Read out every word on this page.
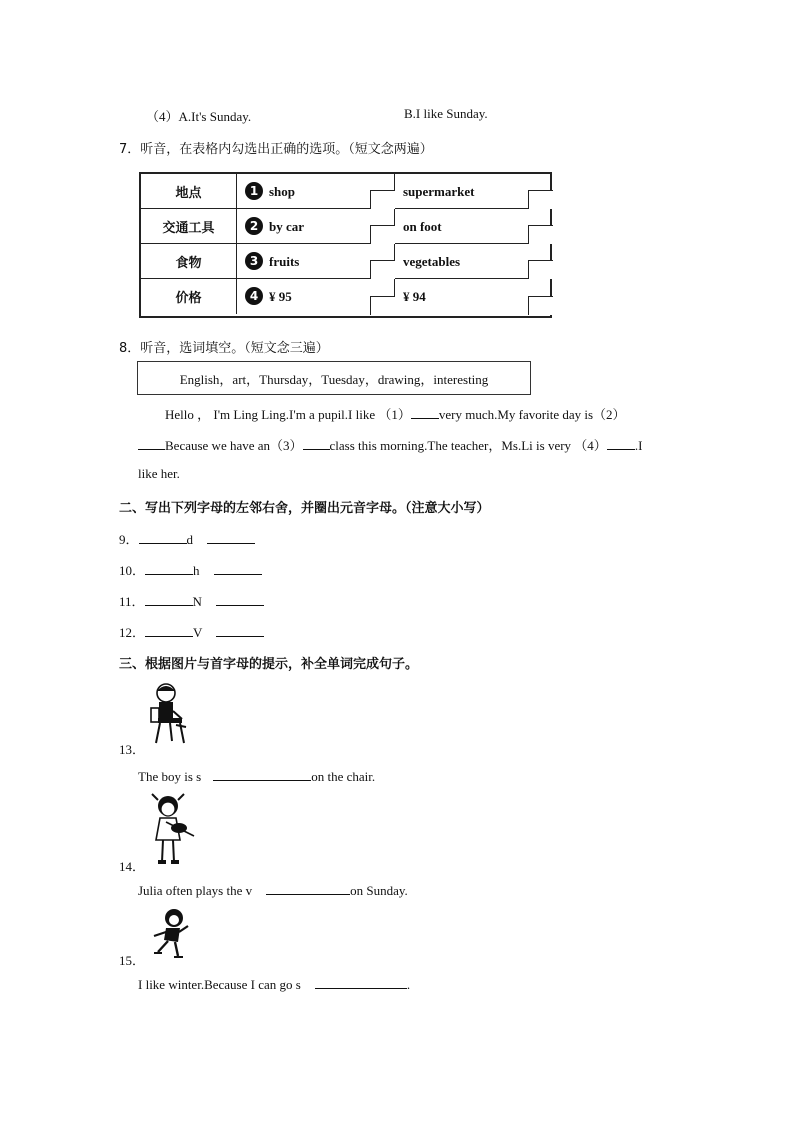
（4）A.It's Sunday.	B.I like Sunday.
7．听音，在表格内勾选出正确的选项。（短文念两遍）
地点	1 shop	supermarket
交通工具	2 by car	on foot
食物	3 fruits	vegetables
价格	4 ¥ 95	¥ 94
8．听音，选词填空。（短文念三遍）
English，art，Thursday，Tuesday，drawing，interesting
Hello ， I'm Ling Ling.I'm a pupil.I like （1） very much.My favorite day is（2）
Because we have an（3） class this morning.The teacher，Ms.Li is very （4） .I
like her.
二、写出下列字母的左邻右舍，并圈出元音字母。（注意大小写）
9．	d
10．	h
11．	N
12．	V
三、根据图片与首字母的提示，补全单词完成句子。
13．
The boy is s	on the chair.
14．
Julia often plays the v	on Sunday.
15．
I like winter.Because I can go s	.
